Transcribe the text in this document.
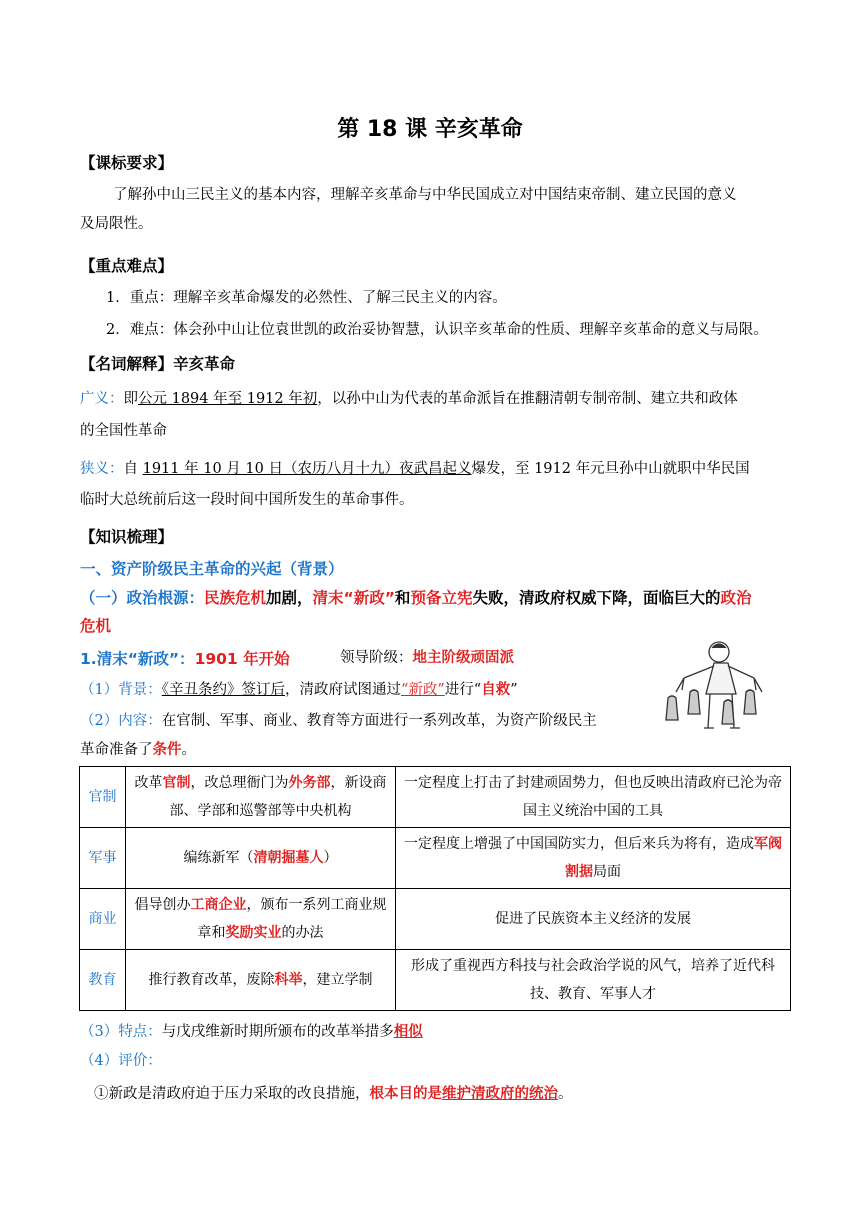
第 18 课 辛亥革命
【课标要求】
了解孙中山三民主义的基本内容，理解辛亥革命与中华民国成立对中国结束帝制、建立民国的意义
及局限性。
【重点难点】
1．重点：理解辛亥革命爆发的必然性、了解三民主义的内容。
2．难点：体会孙中山让位袁世凯的政治妥协智慧，认识辛亥革命的性质、理解辛亥革命的意义与局限。
【名词解释】辛亥革命
广义：即公元 1894 年至 1912 年初，以孙中山为代表的革命派旨在推翻清朝专制帝制、建立共和政体
的全国性革命
狭义：自 1911 年 10 月 10 日（农历八月十九）夜武昌起义爆发，至 1912 年元旦孙中山就职中华民国
临时大总统前后这一段时间中国所发生的革命事件。
【知识梳理】
一、资产阶级民主革命的兴起（背景）
（一）政治根源：民族危机加剧，清末“新政”和预备立宪失败，清政府权威下降，面临巨大的政治
危机
1.清末“新政”：1901 年开始	领导阶级：地主阶级顽固派
（1）背景：《辛丑条约》签订后，清政府试图通过“新政”进行“自救”
（2）内容：在官制、军事、商业、教育等方面进行一系列改革，为资产阶级民主
革命准备了条件。
官制	改革官制，改总理衙门为外务部，新设商部、学部和巡警部等中央机构	一定程度上打击了封建顽固势力，但也反映出清政府已沦为帝国主义统治中国的工具
军事	编练新军（清朝掘墓人）	一定程度上增强了中国国防实力，但后来兵为将有，造成军阀割据局面
商业	倡导创办工商企业，颁布一系列工商业规章和奖励实业的办法	促进了民族资本主义经济的发展
教育	推行教育改革，废除科举，建立学制	形成了重视西方科技与社会政治学说的风气，培养了近代科技、教育、军事人才
（3）特点：与戊戌维新时期所颁布的改革举措多相似
（4）评价：
①新政是清政府迫于压力采取的改良措施，根本目的是维护清政府的统治。
